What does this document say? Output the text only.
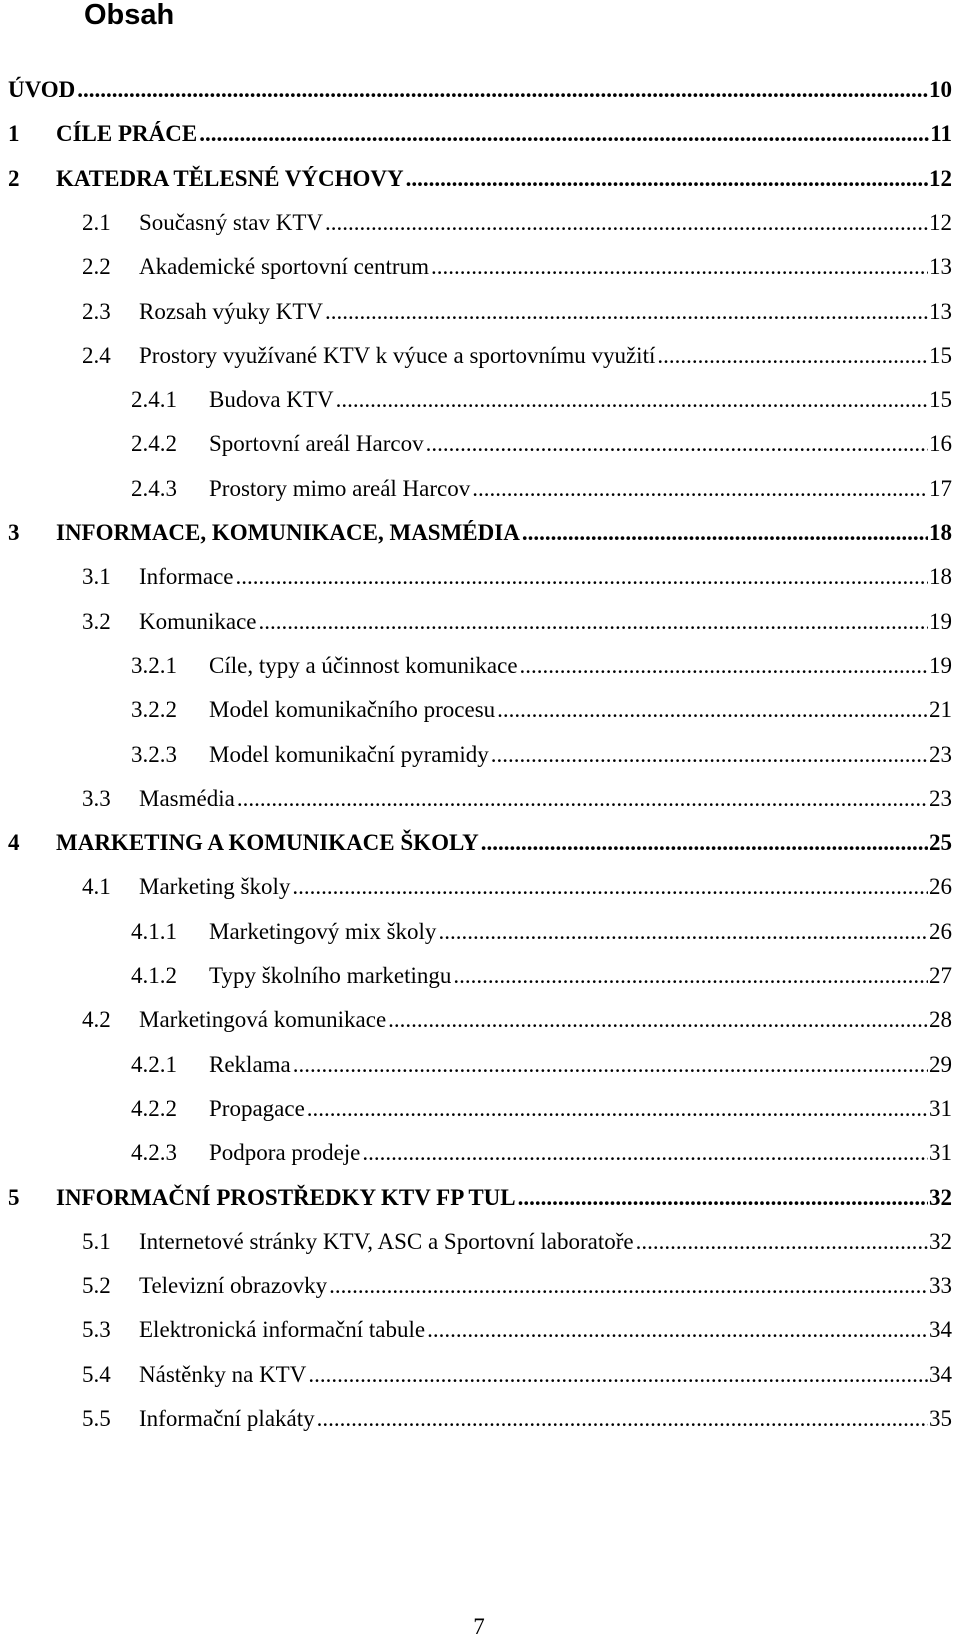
Obsah
ÚVOD .....	10
1 CÍLE PRÁCE .....	11
2 KATEDRA TĚLESNÉ VÝCHOVY .....	12
2.1 Současný stav KTV .....	12
2.2 Akademické sportovní centrum .....	13
2.3 Rozsah výuky KTV .....	13
2.4 Prostory využívané KTV k výuce a sportovnímu využití .....	15
2.4.1 Budova KTV .....	15
2.4.2 Sportovní areál Harcov .....	16
2.4.3 Prostory mimo areál Harcov .....	17
3 INFORMACE, KOMUNIKACE, MASMÉDIA .....	18
3.1 Informace .....	18
3.2 Komunikace .....	19
3.2.1 Cíle, typy a účinnost komunikace .....	19
3.2.2 Model komunikačního procesu .....	21
3.2.3 Model komunikační pyramidy .....	23
3.3 Masmédia .....	23
4 MARKETING A KOMUNIKACE ŠKOLY .....	25
4.1 Marketing školy .....	26
4.1.1 Marketingový mix školy .....	26
4.1.2 Typy školního marketingu .....	27
4.2 Marketingová komunikace .....	28
4.2.1 Reklama .....	29
4.2.2 Propagace .....	31
4.2.3 Podpora prodeje .....	31
5 INFORMAČNÍ PROSTŘEDKY KTV FP TUL .....	32
5.1 Internetové stránky KTV, ASC a Sportovní laboratoře .....	32
5.2 Televizní obrazovky .....	33
5.3 Elektronická informační tabule .....	34
5.4 Nástěnky na KTV .....	34
5.5 Informační plakáty .....	35
7
